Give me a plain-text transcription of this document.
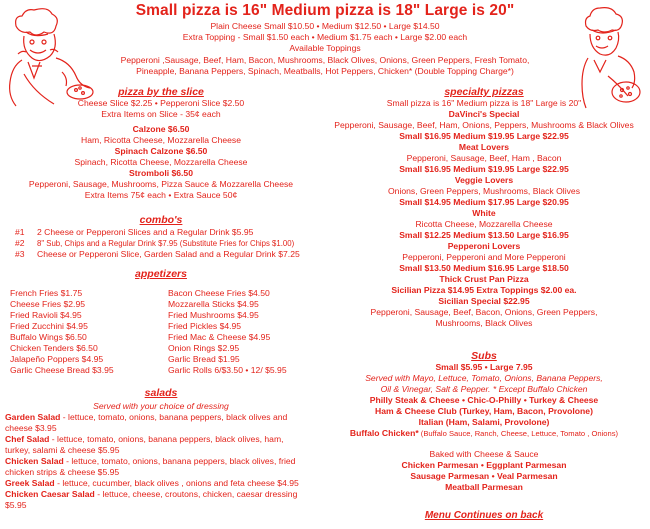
Small pizza is 16" Medium pizza is 18" Large is 20"
Plain Cheese Small $10.50 • Medium $12.50 • Large $14.50
Extra Topping - Small $1.50 each • Medium $1.75 each • Large $2.00 each
Available Toppings
Pepperoni ,Sausage, Beef, Ham, Bacon, Mushrooms, Black Olives, Onions, Green Peppers, Fresh Tomato,
Pineapple, Banana Peppers, Spinach, Meatballs, Hot Peppers, Chicken* (Double Topping Charge*)
pizza by the slice
Cheese Slice $2.25 • Pepperoni Slice $2.50
Extra Items on Slice - 35¢ each
Calzone $6.50
Ham, Ricotta Cheese, Mozzarella Cheese
Spinach Calzone $6.50
Spinach, Ricotta Cheese, Mozzarella Cheese
Stromboli $6.50
Pepperoni, Sausage, Mushrooms, Pizza Sauce & Mozzarella Cheese
Extra Items 75¢ each • Extra Sauce 50¢
combo's
#1 2 Cheese or Pepperoni Slices and a Regular Drink $5.95
#2 8" Sub, Chips and a Regular Drink $7.95 (Substitute Fries for Chips $1.00)
#3 Cheese or Pepperoni Slice, Garden Salad and a Regular Drink $7.25
appetizers
French Fries $1.75
Cheese Fries $2.95
Fried Ravioli $4.95
Fried Zucchini $4.95
Buffalo Wings $6.50
Chicken Tenders $6.50
Jalapeño Poppers $4.95
Garlic Cheese Bread $3.95
Bacon Cheese Fries $4.50
Mozzarella Sticks $4.95
Fried Mushrooms $4.95
Fried Pickles $4.95
Fried Mac & Cheese $4.95
Onion Rings $2.95
Garlic Bread $1.95
Garlic Rolls 6/$3.50 • 12/ $5.95
salads
Served with your choice of dressing
Garden Salad - lettuce, tomato, onions, banana peppers, black olives and
cheese $3.95
Chef Salad - lettuce, tomato, onions, banana peppers, black olives, ham,
turkey, salami & cheese $5.95
Chicken Salad - lettuce, tomato, onions, banana peppers, black olives, fried
chicken strips & cheese $5.95
Greek Salad - lettuce, cucumber, black olives , onions and feta cheese $4.95
Chicken Caesar Salad - lettuce, cheese, croutons, chicken, caesar dressing
$5.95
specialty pizzas
Small pizza is 16" Medium pizza is 18" Large is 20"
DaVinci's Special
Pepperoni, Sausage, Beef, Ham, Onions, Peppers, Mushrooms & Black Olives
Small $16.95 Medium $19.95 Large $22.95
Meat Lovers
Pepperoni, Sausage, Beef, Ham , Bacon
Small $16.95 Medium $19.95 Large $22.95
Veggie Lovers
Onions, Green Peppers, Mushrooms, Black Olives
Small $14.95 Medium $17.95 Large $20.95
White
Ricotta Cheese, Mozzarella Cheese
Small $12.25 Medium $13.50 Large $16.95
Pepperoni Lovers
Pepperoni, Pepperoni and More Pepperoni
Small $13.50 Medium $16.95 Large $18.50
Thick Crust Pan Pizza
Sicilian Pizza $14.95 Extra Toppings $2.00 ea.
Sicilian Special $22.95
Pepperoni, Sausage, Beef, Bacon, Onions, Green Peppers,
Mushrooms, Black Olives
Subs
Small $5.95 • Large 7.95
Served with Mayo, Lettuce, Tomato, Onions, Banana Peppers,
Oil & Vinegar, Salt & Pepper. * Except Buffalo Chicken
Philly Steak & Cheese • Chic-O-Philly • Turkey & Cheese
Ham & Cheese Club (Turkey, Ham, Bacon, Provolone)
Italian (Ham, Salami, Provolone)
Buffalo Chicken* (Buffalo Sauce, Ranch, Cheese, Lettuce, Tomato , Onions)
Baked with Cheese & Sauce
Chicken Parmesan • Eggplant Parmesan
Sausage Parmesan • Veal Parmesan
Meatball Parmesan
Menu Continues on back
